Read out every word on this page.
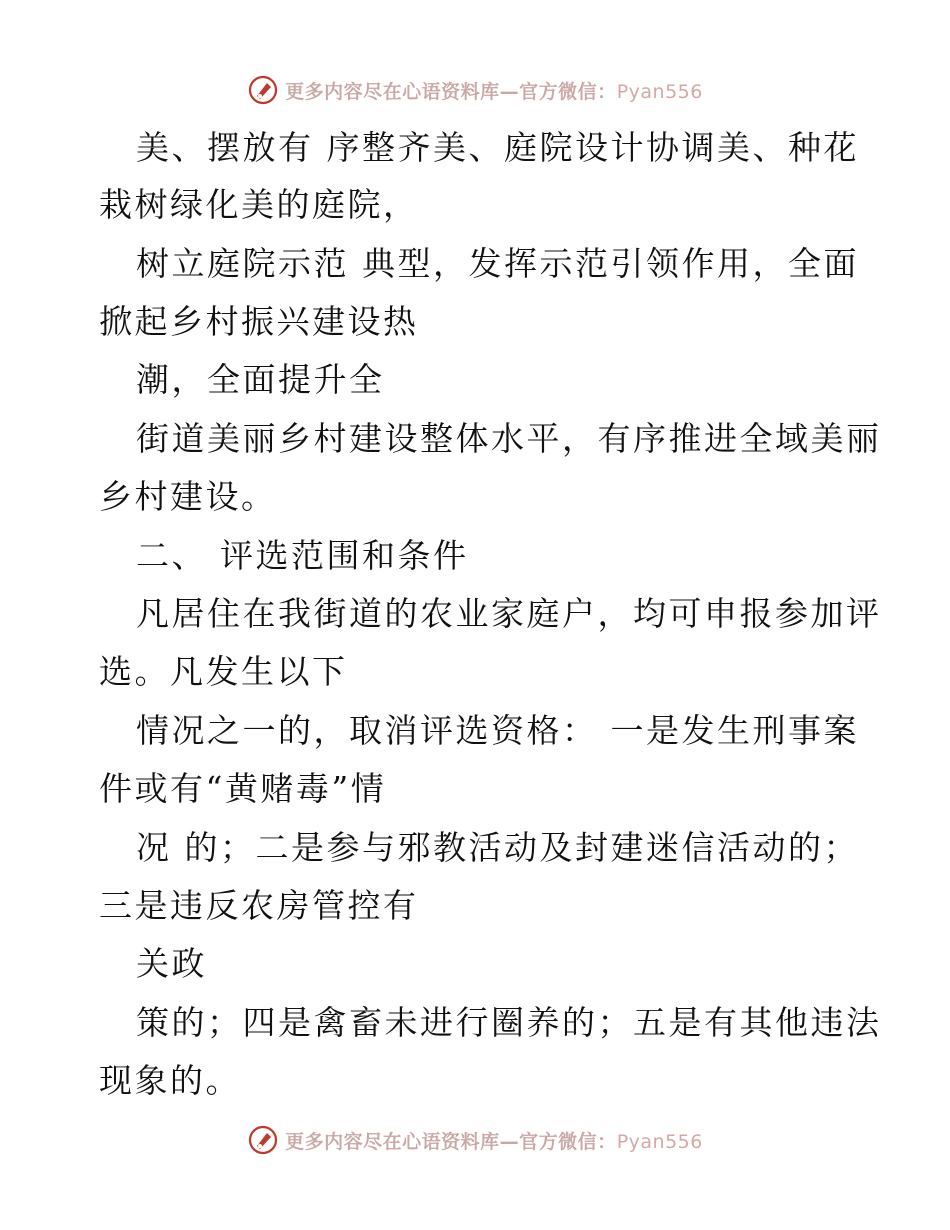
更多内容尽在心语资料库—官方微信：Pyan556
美、摆放有 序整齐美、庭院设计协调美、种花
栽树绿化美的庭院，
树立庭院示范 典型，发挥示范引领作用，全面
掀起乡村振兴建设热
潮，全面提升全
街道美丽乡村建设整体水平，有序推进全域美丽
乡村建设。
二、 评选范围和条件
凡居住在我街道的农业家庭户，均可申报参加评
选。凡发生以下
情况之一的，取消评选资格： 一是发生刑事案
件或有“黄赌毒”情
况 的；二是参与邪教活动及封建迷信活动的；
三是违反农房管控有
关政
策的；四是禽畜未进行圈养的；五是有其他违法
现象的。
更多内容尽在心语资料库—官方微信：Pyan556
